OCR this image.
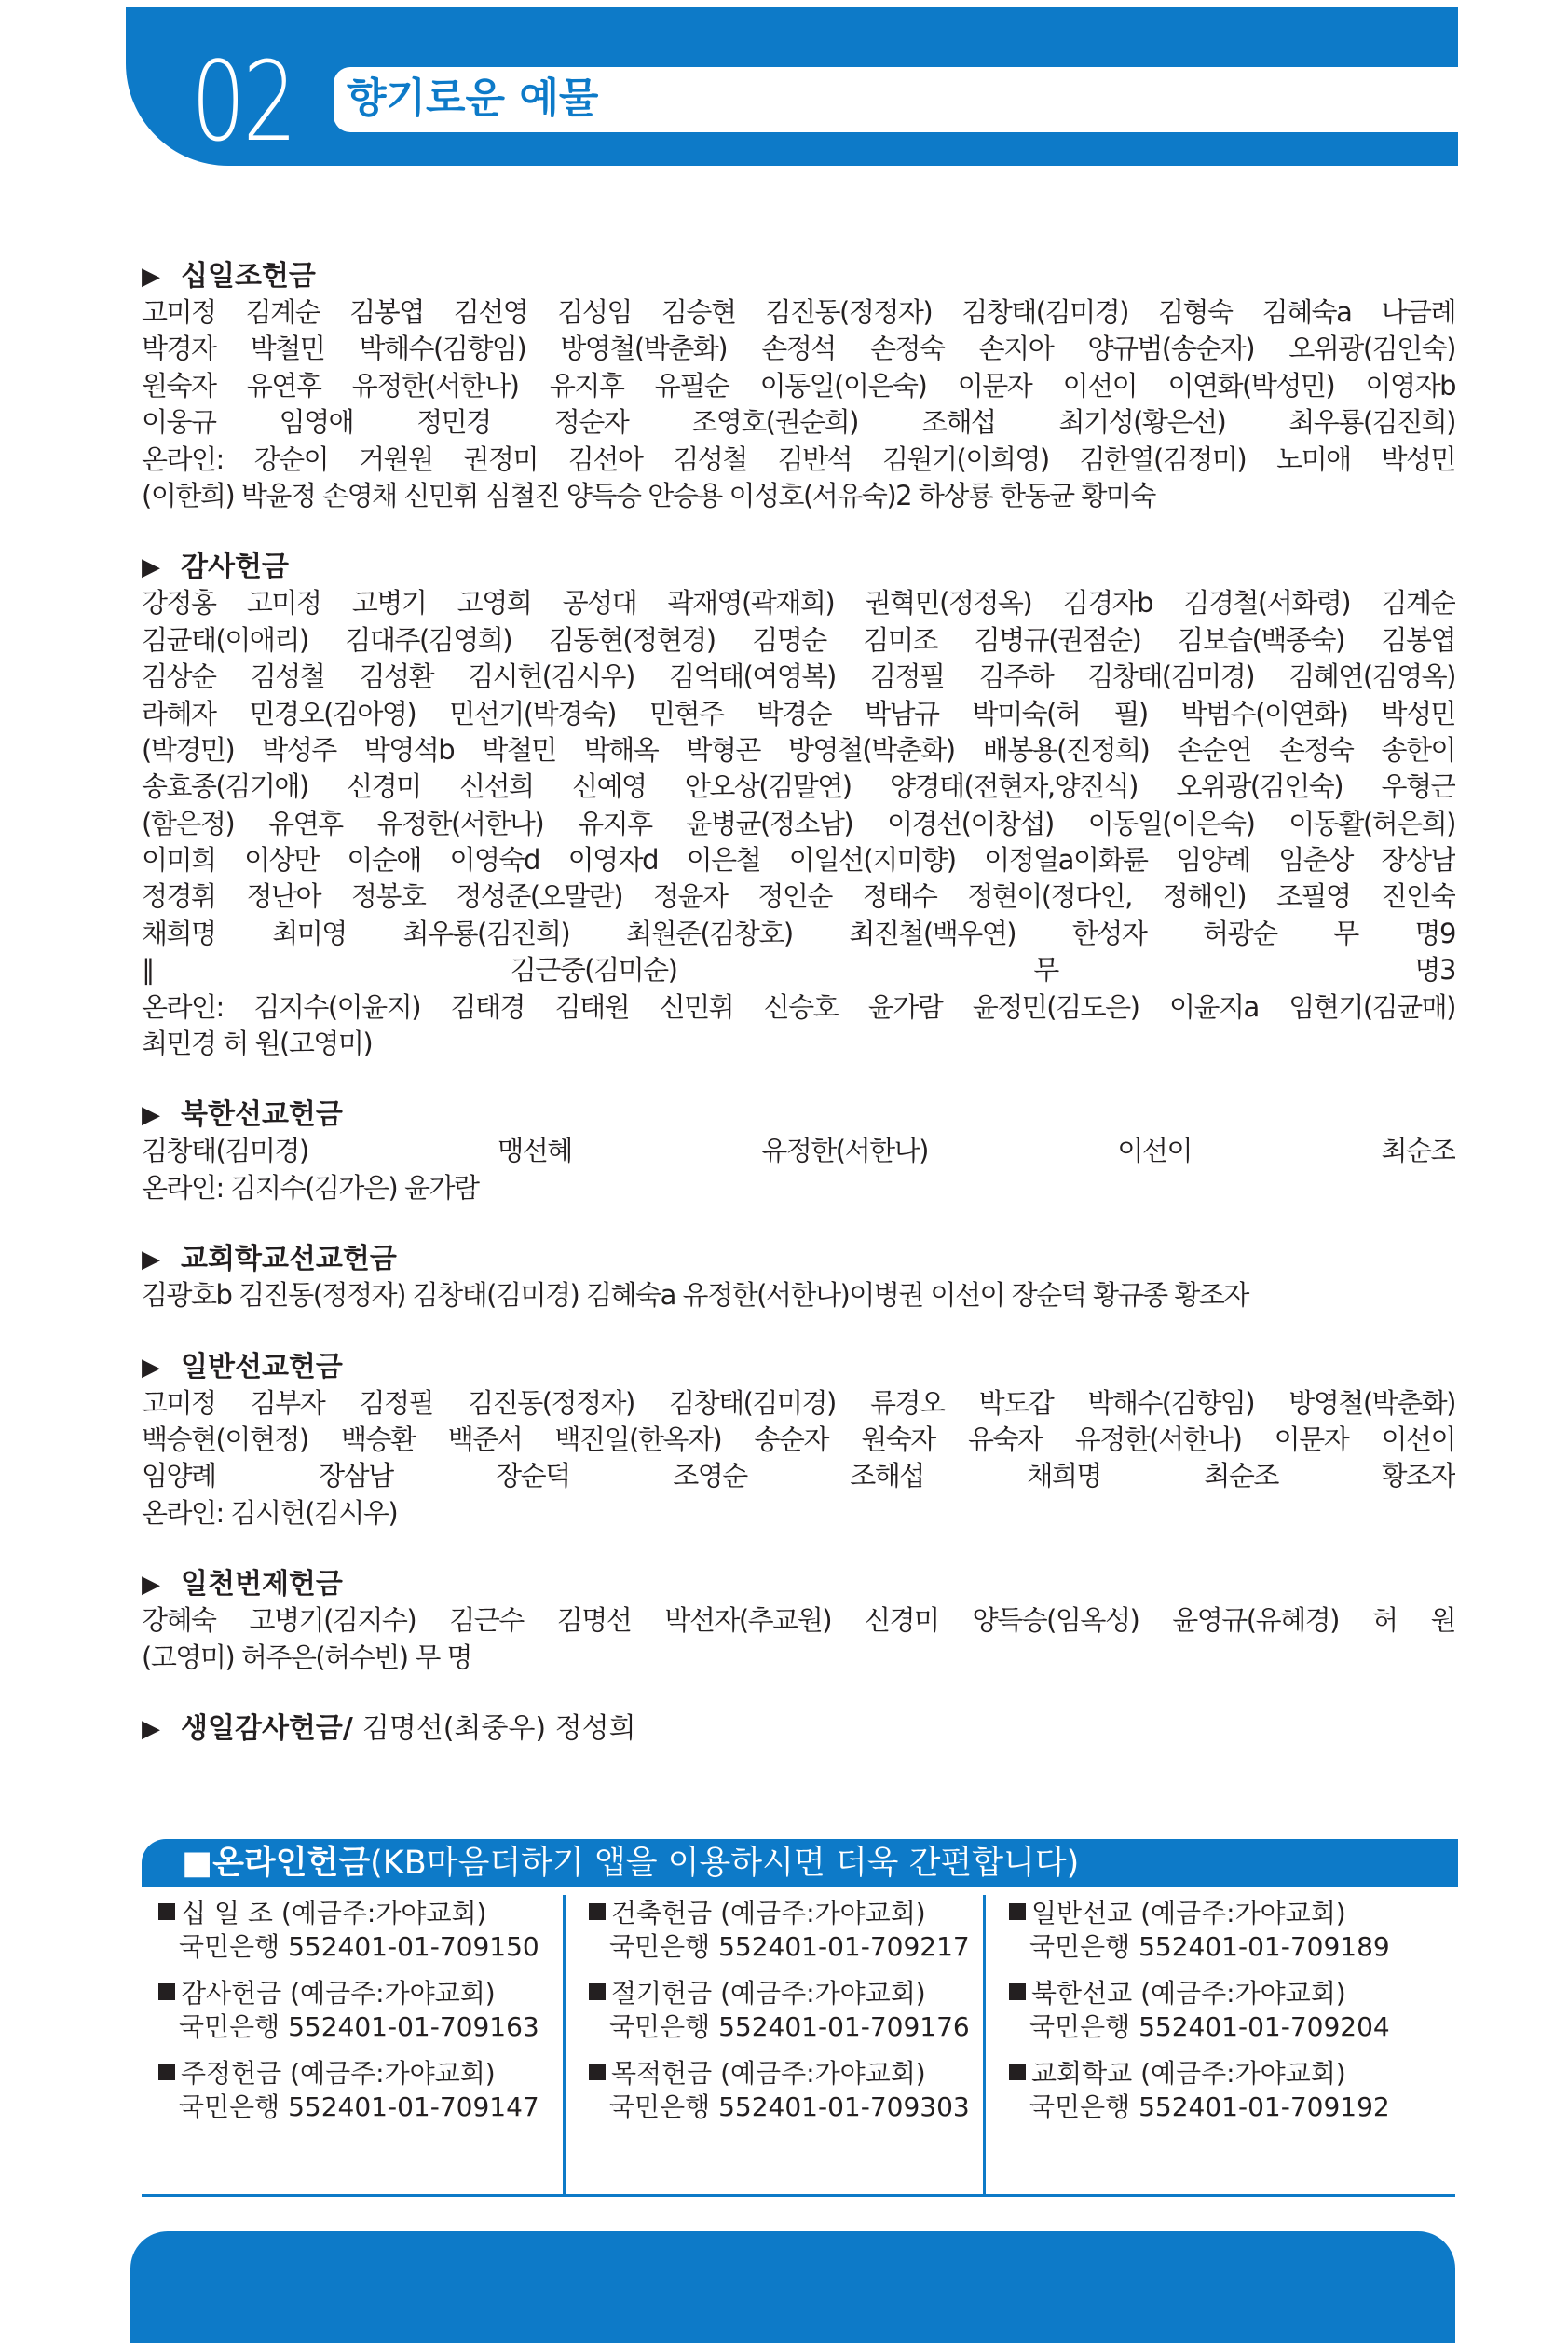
02 향기로운 예물
▶ 십일조헌금
고미정 김계순 김봉엽 김선영 김성임 김승현 김진동(정정자) 김창태(김미경) 김형숙 김혜숙a 나금례
박경자 박철민 박해수(김향임) 방영철(박춘화) 손정석 손정숙 손지아 양규범(송순자) 오위광(김인숙)
원숙자 유연후 유정한(서한나) 유지후 유필순 이동일(이은숙) 이문자 이선이 이연화(박성민) 이영자b
이웅규 임영애 정민경 정순자 조영호(권순희) 조해섭 최기성(황은선) 최우룡(김진희)
온라인: 강순이 거원원 권정미 김선아 김성철 김반석 김원기(이희영) 김한열(김정미) 노미애 박성민
(이한희) 박윤정 손영채 신민휘 심철진 양득승 안승용 이성호(서유숙)2 하상룡 한동균 황미숙
▶ 감사헌금
강정홍 고미정 고병기 고영희 공성대 곽재영(곽재희) 권혁민(정정옥) 김경자b 김경철(서화령) 김계순
김균태(이애리) 김대주(김영희) 김동현(정현경) 김명순 김미조 김병규(권점순) 김보습(백종숙) 김봉엽
김상순 김성철 김성환 김시헌(김시우) 김억태(여영복) 김정필 김주하 김창태(김미경) 김혜연(김영옥)
라혜자 민경오(김아영) 민선기(박경숙) 민현주 박경순 박남규 박미숙(허 필) 박범수(이연화) 박성민
(박경민) 박성주 박영석b 박철민 박해옥 박형곤 방영철(박춘화) 배봉용(진정희) 손순연 손정숙 송한이
송효종(김기애) 신경미 신선희 신예영 안오상(김말연) 양경태(전현자,양진식) 오위광(김인숙) 우형근
(함은정) 유연후 유정한(서한나) 유지후 윤병균(정소남) 이경선(이창섭) 이동일(이은숙) 이동활(허은희)
이미희 이상만 이순애 이영숙d 이영자d 이은철 이일선(지미향) 이정열a이화륜 임양례 임춘상 장상남
정경휘 정난아 정봉호 정성준(오말란) 정윤자 정인순 정태수 정현이(정다인, 정해인) 조필영 진인숙
채희명 최미영 최우룡(김진희) 최원준(김창호) 최진철(백우연) 한성자 허광순 무 명9
∥ 김근중(김미순) 무 명3
온라인: 김지수(이윤지) 김태경 김태원 신민휘 신승호 윤가람 윤정민(김도은) 이윤지a 임현기(김균매)
최민경 허 원(고영미)
▶ 북한선교헌금
김창태(김미경) 맹선혜 유정한(서한나) 이선이 최순조
온라인: 김지수(김가은) 윤가람
▶ 교회학교선교헌금
김광호b 김진동(정정자) 김창태(김미경) 김혜숙a 유정한(서한나)이병권 이선이 장순덕 황규종 황조자
▶ 일반선교헌금
고미정 김부자 김정필 김진동(정정자) 김창태(김미경) 류경오 박도갑 박해수(김향임) 방영철(박춘화)
백승현(이현정) 백승환 백준서 백진일(한옥자) 송순자 원숙자 유숙자 유정한(서한나) 이문자 이선이
임양례 장삼남 장순덕 조영순 조해섭 채희명 최순조 황조자
온라인: 김시헌(김시우)
▶ 일천번제헌금
강혜숙 고병기(김지수) 김근수 김명선 박선자(추교원) 신경미 양득승(임옥성) 윤영규(유혜경) 허 원
(고영미) 허주은(허수빈) 무 명
▶ 생일감사헌금/ 김명선(최중우) 정성희
■온라인헌금(KB마음더하기 앱을 이용하시면 더욱 간편합니다)
십 일 조 (예금주:가야교회)
국민은행 552401-01-709150
감사헌금 (예금주:가야교회)
국민은행 552401-01-709163
주정헌금 (예금주:가야교회)
국민은행 552401-01-709147
건축헌금 (예금주:가야교회)
국민은행 552401-01-709217
절기헌금 (예금주:가야교회)
국민은행 552401-01-709176
목적헌금 (예금주:가야교회)
국민은행 552401-01-709303
일반선교 (예금주:가야교회)
국민은행 552401-01-709189
북한선교 (예금주:가야교회)
국민은행 552401-01-709204
교회학교 (예금주:가야교회)
국민은행 552401-01-709192
